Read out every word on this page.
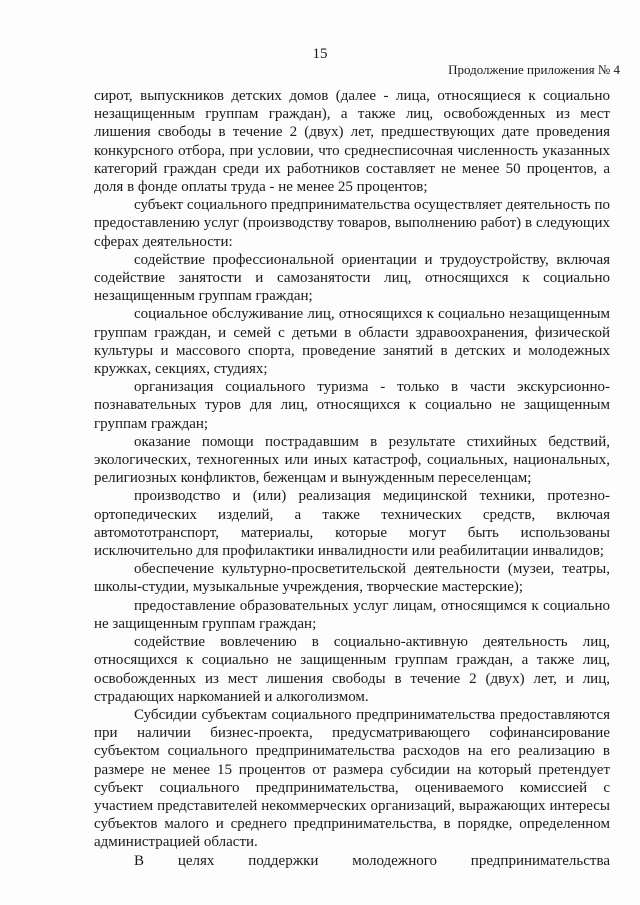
15
Продолжение приложения № 4

сирот, выпускников детских домов (далее - лица, относящиеся к социально незащищенным группам граждан), а также лиц, освобожденных из мест лишения свободы в течение 2 (двух) лет, предшествующих дате проведения конкурсного отбора, при условии, что среднесписочная численность указанных категорий граждан среди их работников составляет не менее 50 процентов, а доля в фонде оплаты труда - не менее 25 процентов;

субъект социального предпринимательства осуществляет деятельность по предоставлению услуг (производству товаров, выполнению работ) в следующих сферах деятельности:

содействие профессиональной ориентации и трудоустройству, включая содействие занятости и самозанятости лиц, относящихся к социально незащищенным группам граждан;

социальное обслуживание лиц, относящихся к социально незащищенным группам граждан, и семей с детьми в области здравоохранения, физической культуры и массового спорта, проведение занятий в детских и молодежных кружках, секциях, студиях;

организация социального туризма - только в части экскурсионно-познавательных туров для лиц, относящихся к социально не защищенным группам граждан;

оказание помощи пострадавшим в результате стихийных бедствий, экологических, техногенных или иных катастроф, социальных, национальных, религиозных конфликтов, беженцам и вынужденным переселенцам;

производство и (или) реализация медицинской техники, протезно-ортопедических изделий, а также технических средств, включая автомототранспорт, материалы, которые могут быть использованы исключительно для профилактики инвалидности или реабилитации инвалидов;

обеспечение культурно-просветительской деятельности (музеи, театры, школы-студии, музыкальные учреждения, творческие мастерские);

предоставление образовательных услуг лицам, относящимся к социально не защищенным группам граждан;

содействие вовлечению в социально-активную деятельность лиц, относящихся к социально не защищенным группам граждан, а также лиц, освобожденных из мест лишения свободы в течение 2 (двух) лет, и лиц, страдающих наркоманией и алкоголизмом.

Субсидии субъектам социального предпринимательства предоставляются при наличии бизнес-проекта, предусматривающего софинансирование субъектом социального предпринимательства расходов на его реализацию в размере не менее 15 процентов от размера субсидии на который претендует субъект социального предпринимательства, оцениваемого комиссией с участием представителей некоммерческих организаций, выражающих интересы субъектов малого и среднего предпринимательства, в порядке, определенном администрацией области.

В целях поддержки молодежного предпринимательства
